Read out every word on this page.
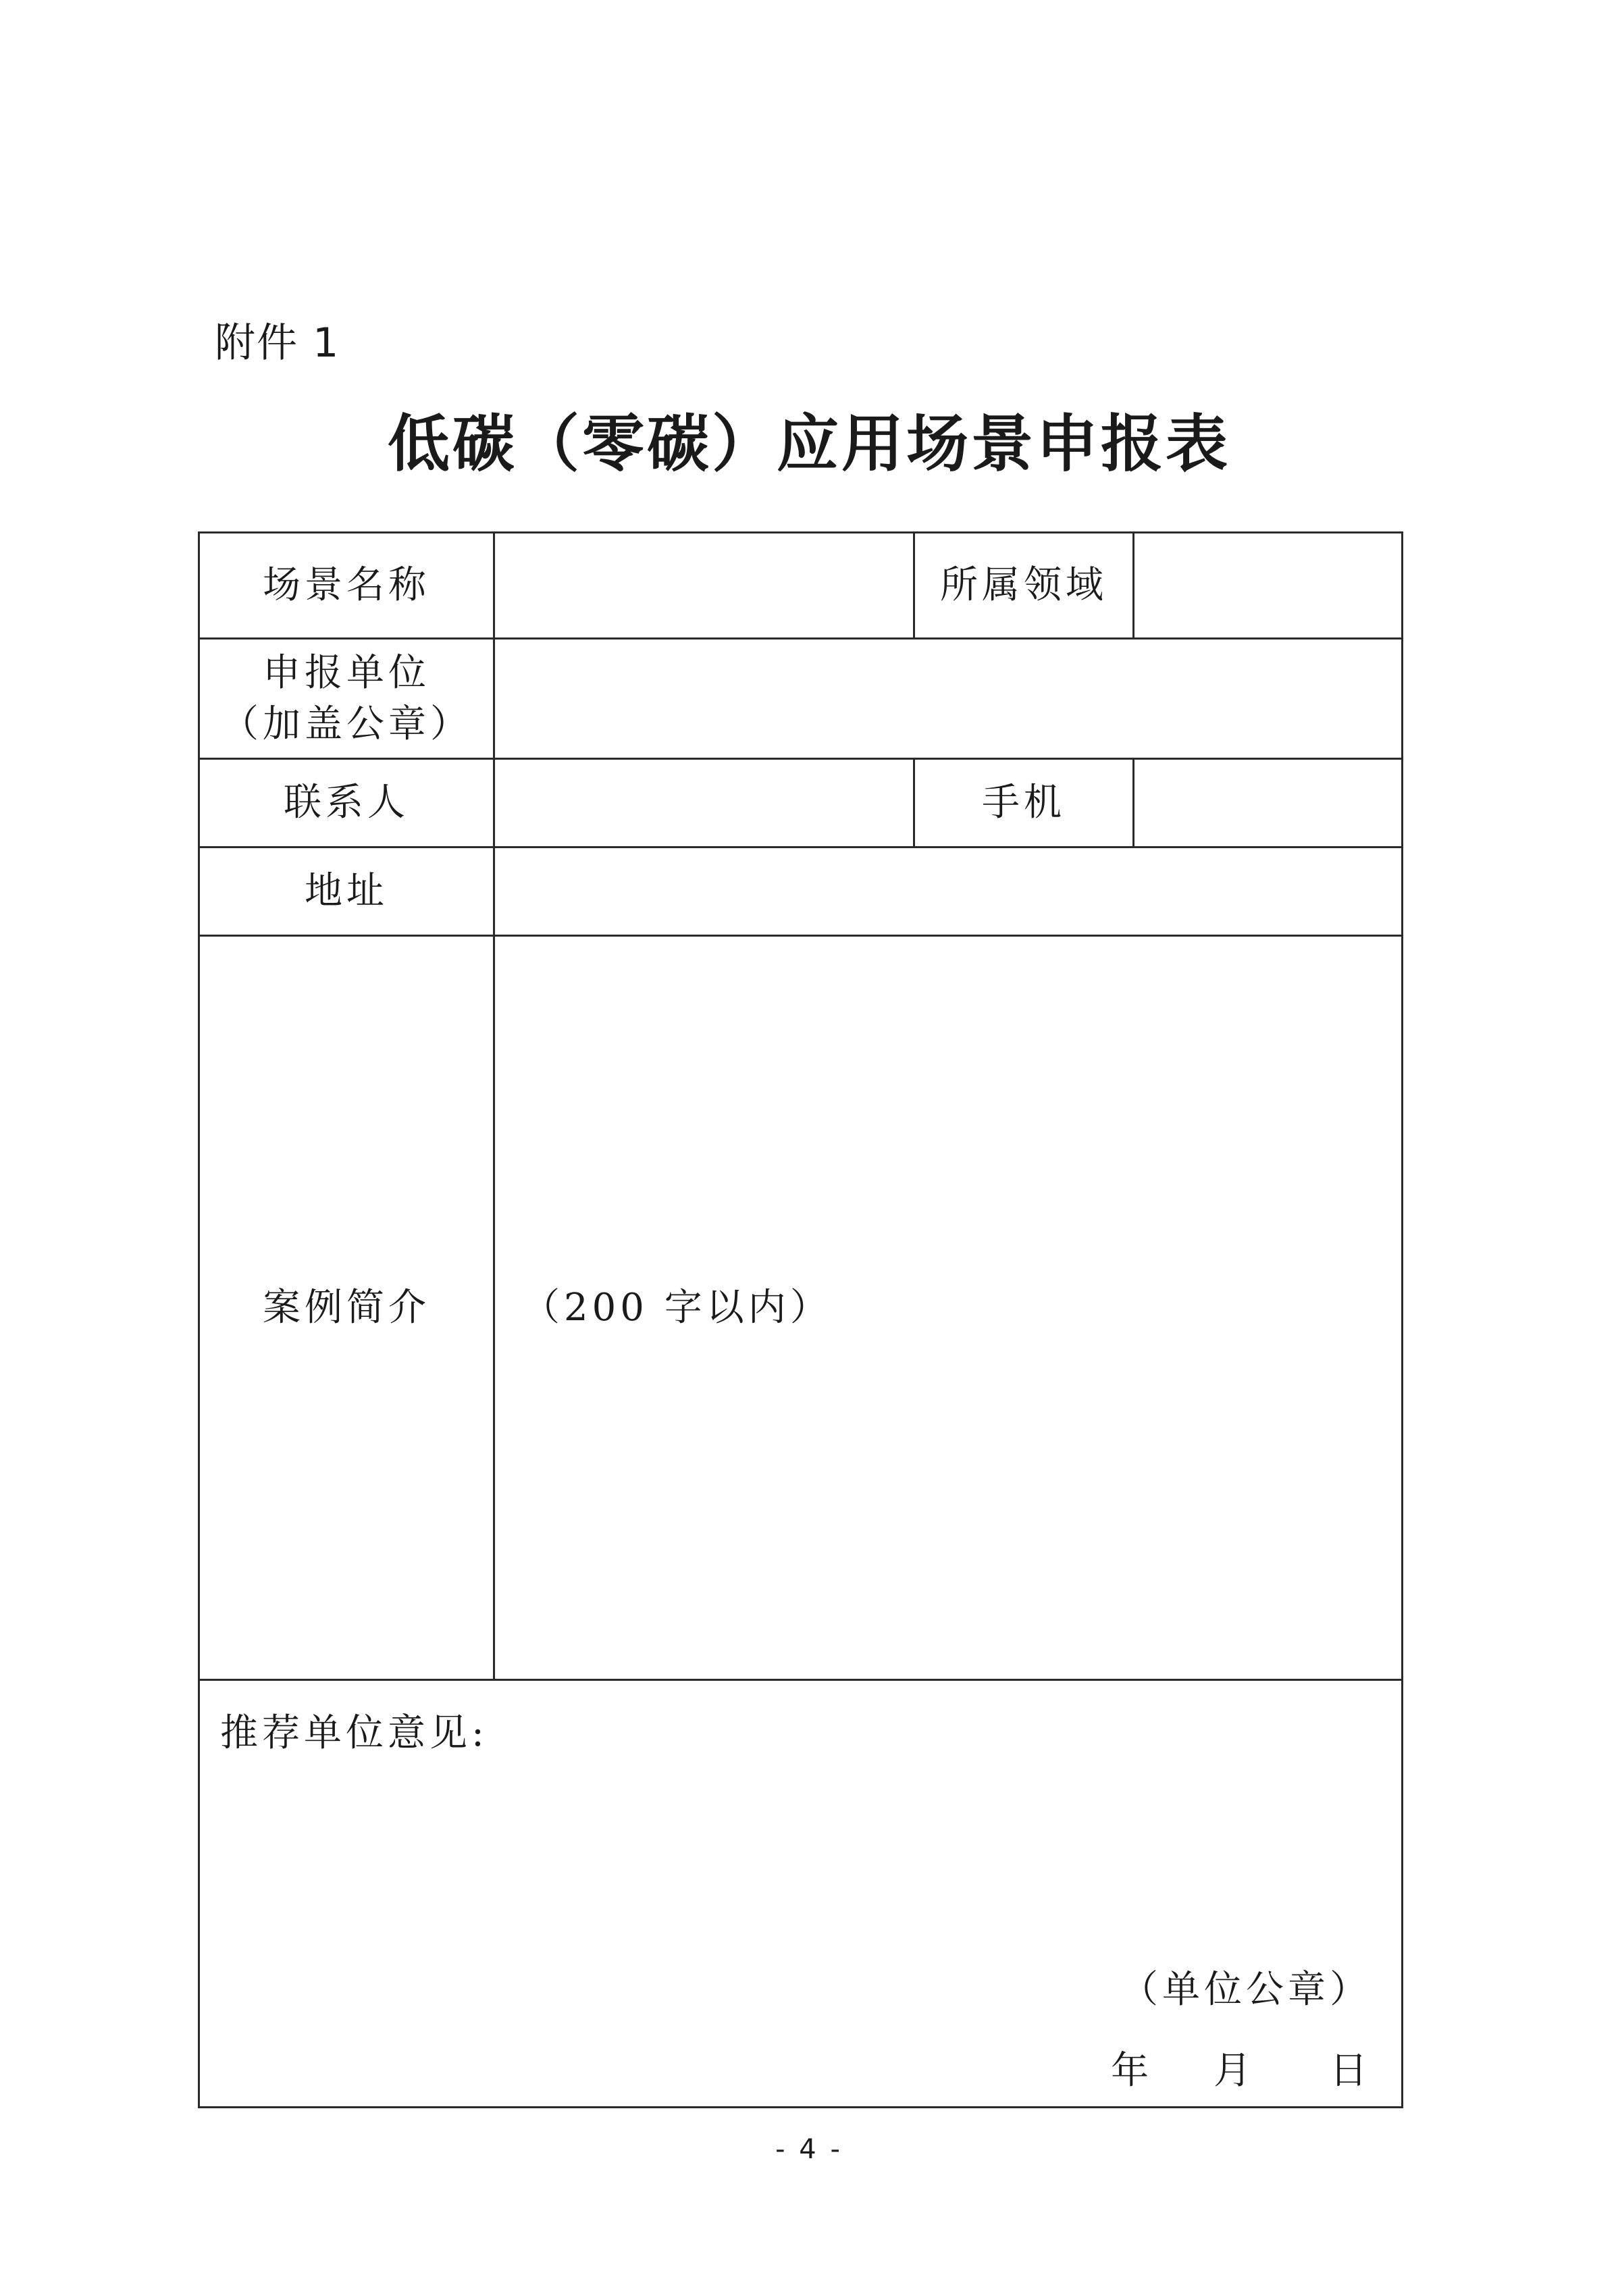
附件 1
低碳（零碳）应用场景申报表
场景名称		所属领域	

申报单位
（加盖公章）			

联系人		手机	
地址			
案例简介	（200 字以内）		

推荐单位意见:
（单位公章）
年 月 日			
- 4 -
